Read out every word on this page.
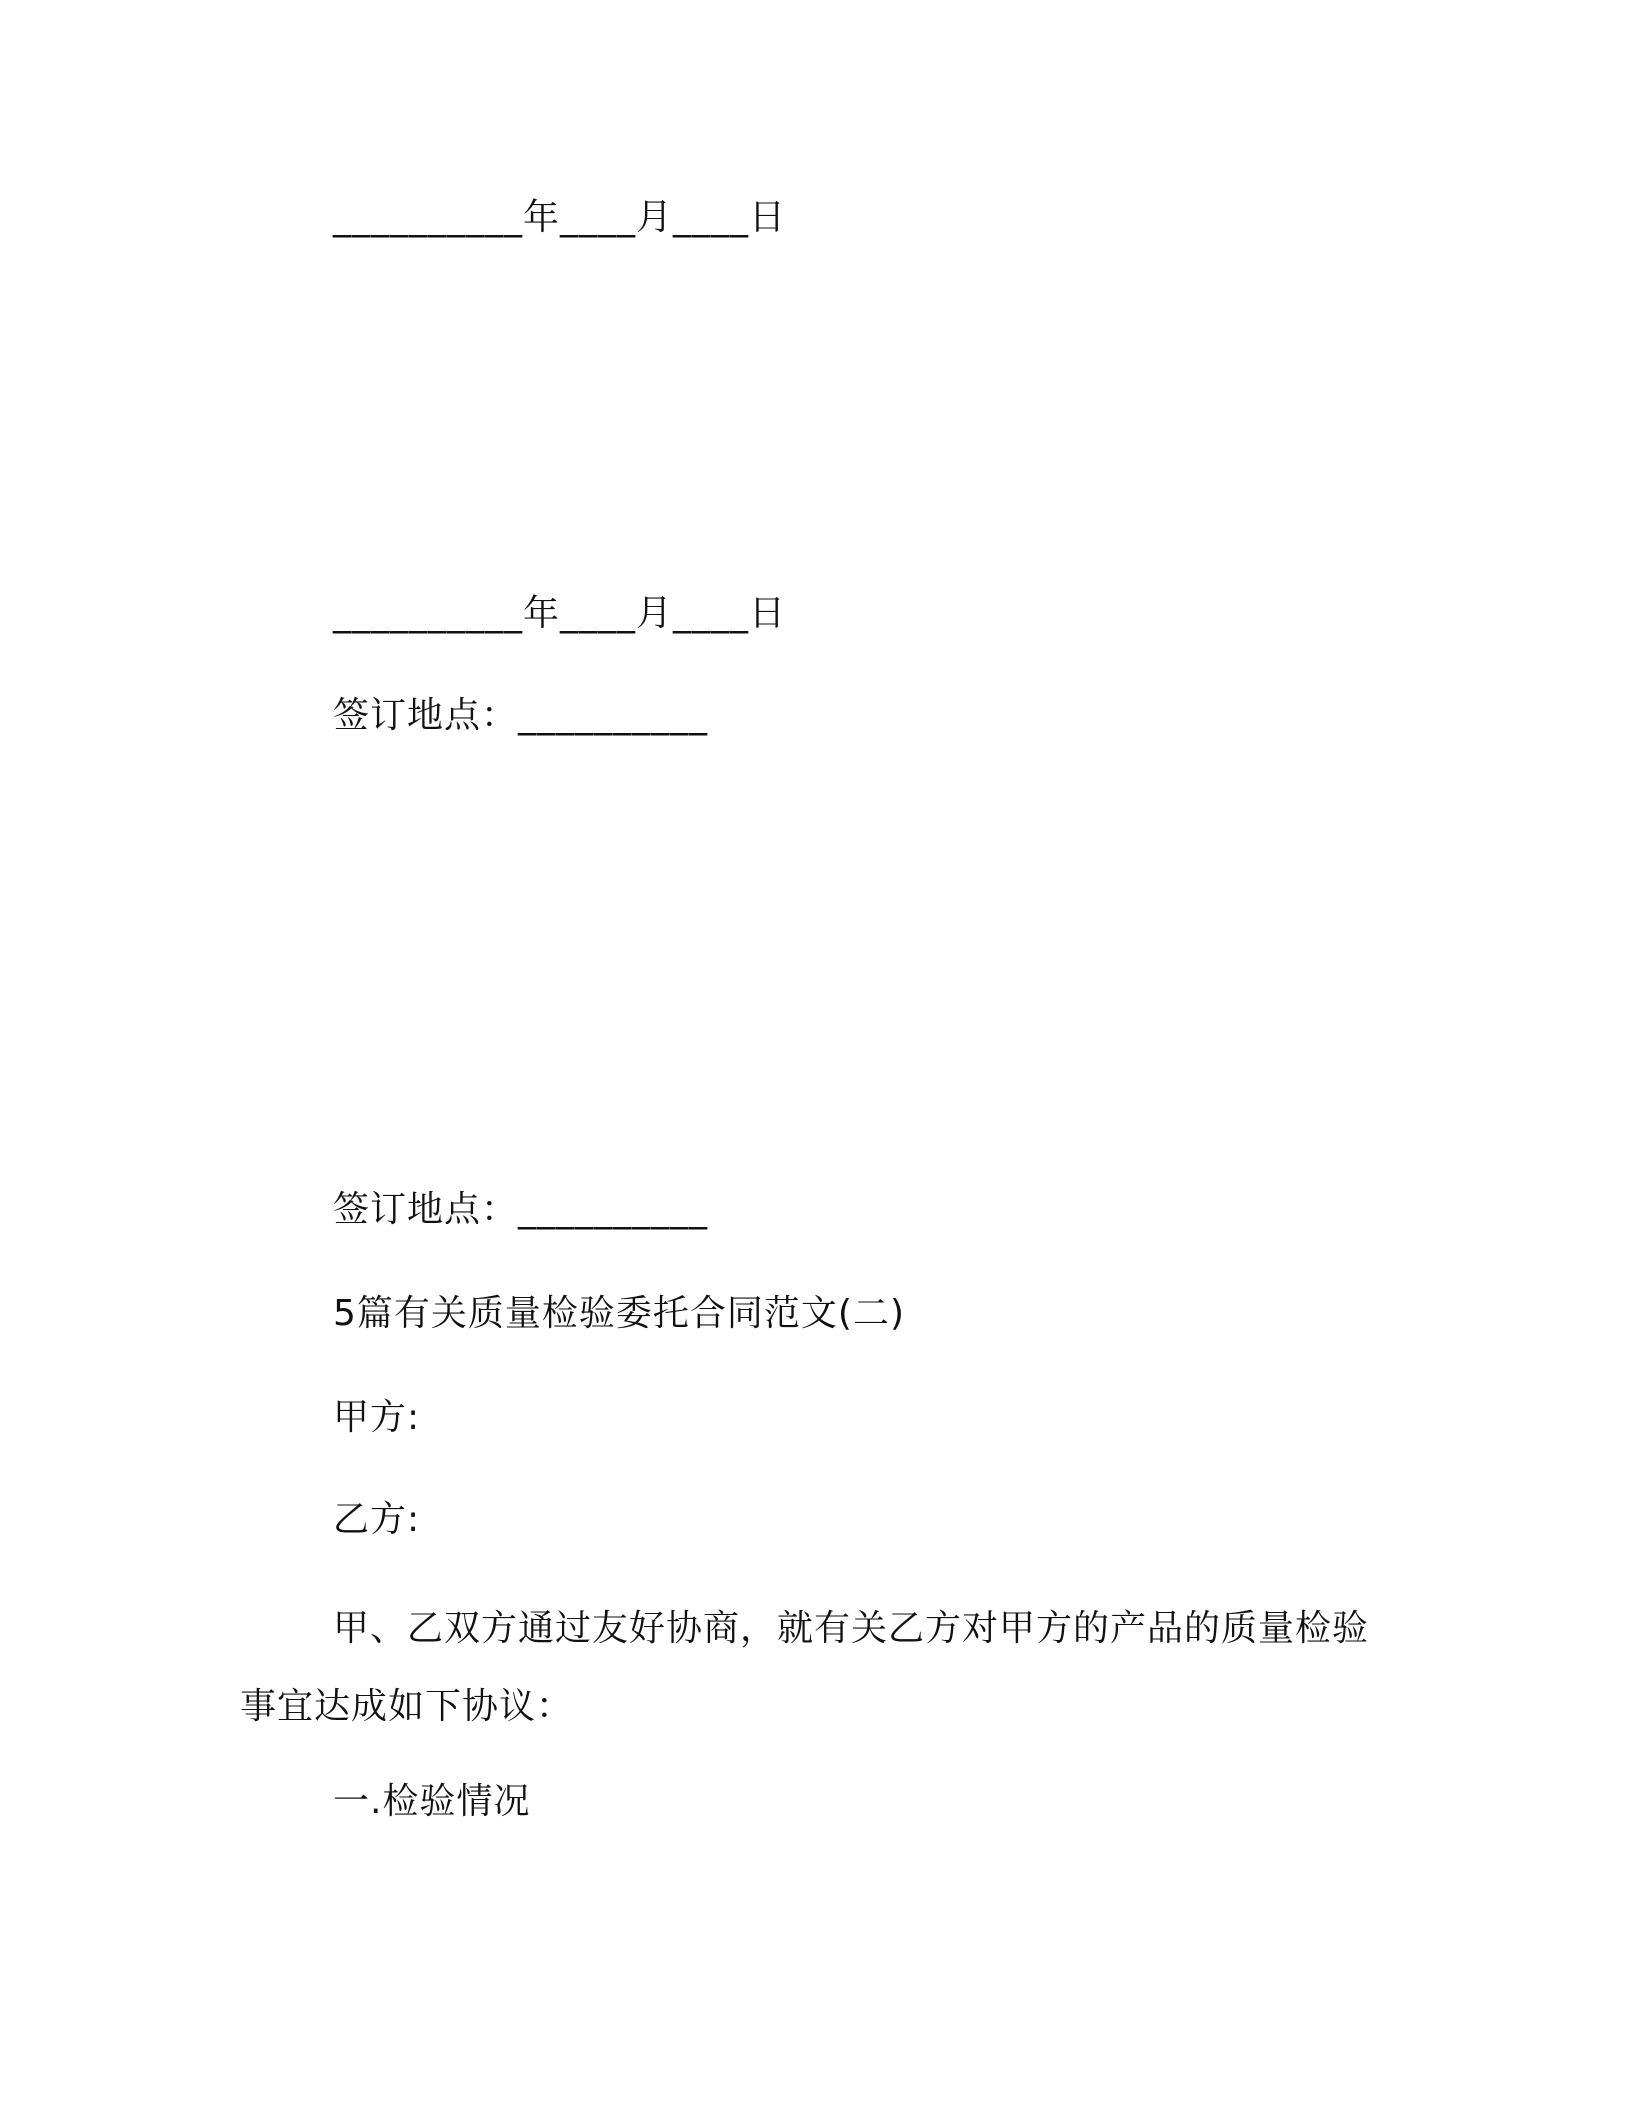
__________年____月____日
__________年____月____日
签订地点：__________
签订地点：__________
5篇有关质量检验委托合同范文(二)
甲方:
乙方:
甲、乙双方通过友好协商，就有关乙方对甲方的产品的质量检验事宜达成如下协议：
一.检验情况
